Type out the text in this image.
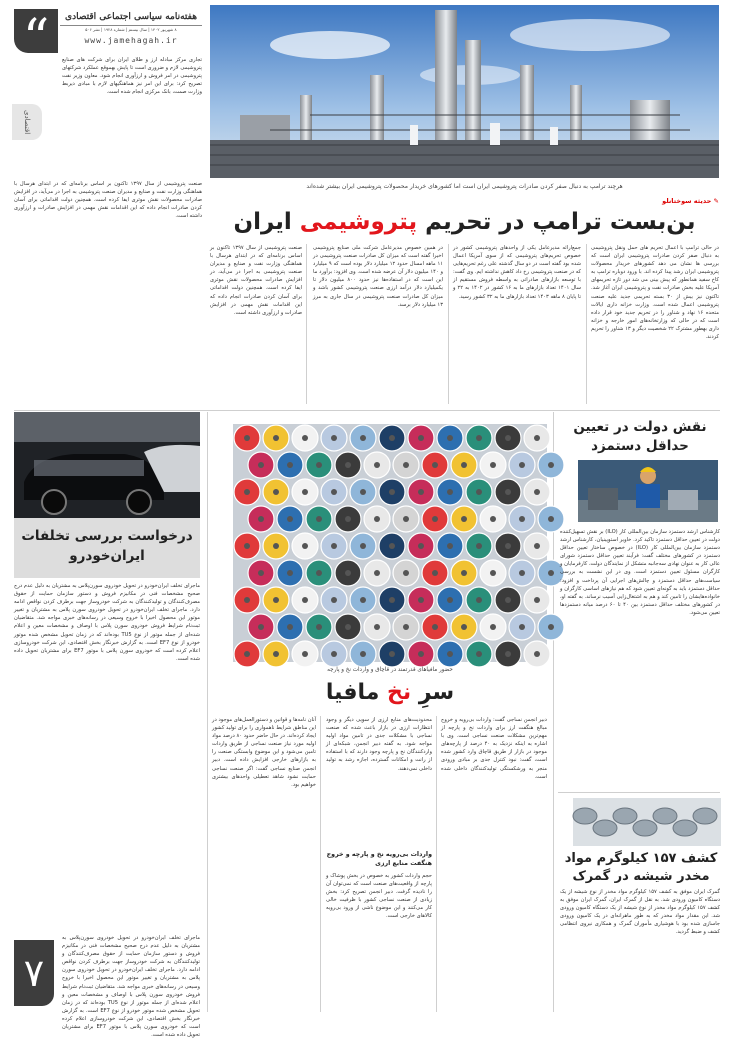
“	هفته‌نامه سیاسی اجتماعی اقتصادی
۸ شهریور ۱۴۰۲ | سال بیستم | شماره ۱۹۲۸ | نشر ۵۰۶
www.jamehagah.ir
اقتصادی
هرچند ترامپ به دنبال صفر کردن صادرات پتروشیمی ایران است اما کشورهای خریدار محصولات پتروشیمی ایران بیشتر شده‌اند
✎ حدیثه سوختانلو
بن‌بست ترامپ در تحریم پتروشیمی ایران
در حالی ترامپ با اعمال تحریم های حمل ونقل پتروشیمی به دنبال صفر کردن صادرات پتروشیمی ایران است که بررسی ها نشان می دهد کشورهای خریدار محصولات پتروشیمی ایران رشد پیدا کرده اند. با ورود دوباره ترامپ به کاخ سفید همانطور که پیش بینی می شد دور تازه تحریمهای آمریکا علیه بخش صادرات نفت و پتروشیمی ایران آغاز شد. تاکنون نیز بیش از ۳۰ بسته تحریمی جدید علیه صنعت پتروشیمی اعمال شده است. وزارت خزانه داری ایالات متحده ۱۶ نهاد و شناور را در تحریم جدید خود قرار داده است که در حالی که وزارتخانه‌های امور خارجه و خزانه داری بهطور مشترک ۲۲ شخصیت دیگر و ۱۳ شناور را تحریم کردند.
جمع‌ارائه مدیرعامل یکی از واحدهای پتروشیمی کشور در خصوص تحریم‌های پتروشیمی که از سوی آمریکا اعمال شده بود گفته است در دو سال گذشته علی رغم تحریم‌هایی که در صنعت پتروشیمی رخ داد کاهش نداشته ایم. وی گفت: با توسعه بازارهای صادراتی به واسطه فروش مستقیم از سال ۱۴۰۱ تعداد بازارهای ما به ۱۶ کشور در ۱۴۰۲ به ۲۲ و تا پایان ۸ ماهه ۱۴۰۳ تعداد بازارهای ما به ۳۲ کشور رسید.
در همین خصوص مدیرعامل شرکت ملی صنایع پتروشیمی اخیرا گفته است که میزان کل صادرات صنعت پتروشیمی در ۱۱ ماهه امسال حدود ۱۲ میلیارد دلار بوده است که ۹ میلیارد و ۱۴۰ میلیون دلار آن عرضه شده است. وی افزود: برآورد ما این است که در استفاده‌ها نیز حدود ۸۰۰ میلیون دلار تا یکمیلیارد دلار درآمد ارزی صنعت پتروشیمی کشور باشد و میزان کل صادرات صنعت پتروشیمی در سال جاری به مرز ۱۳ میلیارد دلار برسد.
صنعت پتروشیمی از سال ۱۳۹۷ تاکنون بر اساس برنامه‌ای که در ابتدای هرسال با هماهنگی وزارت نفت و صنایع و مدیران صنعت پتروشیمی به اجرا در می‌آید، در افزایش صادرات محصولات نقش موثری ایفا کرده است. همچنین دولت اقداماتی برای آسان کردن صادرات انجام داده که این اقدامات نقش مهمی در افزایش صادرات و ارزآوری داشته است.
تجاری مرکز مبادله ارز و طلای ایران برای شرکت های صنایع پتروشیمی لازم و ضروری است تا پایش بهموقع عملکرد شرکتهای پتروشیمی در امر فروش و ارزآوری انجام شود. معاون وزیر نفت تصریح کرد: برای این امر نیز هماهنگیهای لازم با مبادی ذیربط وزارت صمت، بانک مرکزی انجام شده است.
صنعت پتروشیمی از سال ۱۳۹۷ تاکنون بر اساس برنامه‌ای که در ابتدای هرسال با هماهنگی وزارت نفت و صنایع و مدیران صنعت پتروشیمی به اجرا در می‌آید، در افزایش صادرات محصولات نقش موثری ایفا کرده است. همچنین دولت اقداماتی برای آسان کردن صادرات انجام داده که این اقدامات نقش مهمی در افزایش صادرات و ارزآوری داشته است.
درخواست بررسی تخلفات ایران‌خودرو
ماجرای تخلف ایران‌خودرو در تحویل خودروی سورن‌پلاس به مشتریان به دلیل عدم درج صحیح مشخصات فنی در مکانیزم فروش و دستور سازمان حمایت از حقوق مصرف‌کنندگان و تولیدکنندگان به شرکت خودروساز جهت برطرف کردن نواقص ادامه دارد. ماجرای تخلف ایران‌خودرو در تحویل خودروی سورن پلاس به مشتریان و تغییر موتور این محصول اخیرا با خروج وسیعی در رسانه‌های خبری مواجه شد. متقاضیان ثبت‌نام شرایط فروش خودروی سورن پلاس با اوصاف و مشخصات معین و اعلام شده‌ای از جمله موتور از نوع TU5 بوده‌اند که در زمان تحویل مشخص شده موتور خودرو از نوع EF7 است. به گزارش خبرنگار بخش اقتصادی، این شرکت خودروسازی اعلام کرده است که خودروی سورن پلاس با موتور EF7 برای مشتریان تحویل داده شده است.
ماجرای تخلف ایران‌خودرو در تحویل خودروی سورن‌پلاس به مشتریان به دلیل عدم درج صحیح مشخصات فنی در مکانیزم فروش و دستور سازمان حمایت از حقوق مصرف‌کنندگان و تولیدکنندگان به شرکت خودروساز جهت برطرف کردن نواقص ادامه دارد. ماجرای تخلف ایران‌خودرو در تحویل خودروی سورن پلاس به مشتریان و تغییر موتور این محصول اخیرا با خروج وسیعی در رسانه‌های خبری مواجه شد. متقاضیان ثبت‌نام شرایط فروش خودروی سورن پلاس با اوصاف و مشخصات معین و اعلام شده‌ای از جمله موتور از نوع TU5 بوده‌اند که در زمان تحویل مشخص شده موتور خودرو از نوع EF7 است. به گزارش خبرنگار بخش اقتصادی، این شرکت خودروسازی اعلام کرده است که خودروی سورن پلاس با موتور EF7 برای مشتریان تحویل داده شده است.
۷
حضور مافیاهای قدرتمند در قاچاق و واردات نخ و پارچه
سرِ نخ مافیا
دبیر انجمن نساجی گفت: واردات بی‌رویه و خروج مبالغ هنگفت ارز برای واردات نخ و پارچه از مهم‌ترین مشکلات صنعت نساجی است. وی با اشاره به اینکه نزدیک به ۴۰ درصد از پارچه‌های موجود در بازار از طریق قاچاق وارد کشور شده است، گفت: نبود کنترل جدی بر مبادی ورودی منجر به ورشکستگی تولیدکنندگان داخلی شده است.
محدودیت‌های منابع ارزی از سویی دیگر و وجود انتظارات ارزی در بازار باعث شده که صنعت نساجی با مشکلات جدی در تامین مواد اولیه مواجه شود. به گفته دبیر انجمن، شبکه‌ای از واردکنندگان نخ و پارچه وجود دارند که با استفاده از رانت و امکانات گسترده، اجازه رشد به تولید داخلی نمی‌دهند.
واردات بی‌رویه نخ و پارچه و خروج هنگفت منابع ارزی
حجم واردات کشور به خصوص در بخش پوشاک و پارچه از واقعیت‌های صنعت است که نمی‌توان آن را نادیده گرفت. دبیر انجمن تصریح کرد: بخش زیادی از صنعت نساجی کشور با ظرفیت خالی کار می‌کنند و این موضوع ناشی از ورود بی‌رویه کالاهای خارجی است.
آنان نامه‌ها و قوانین و دستورالعمل‌های موجود در این مناطق شرایط ناهمواری را برای تولید کشور ایجاد کرده‌اند. در حال حاضر حدود ۸۰ درصد مواد اولیه مورد نیاز صنعت نساجی از طریق واردات تامین می‌شود و این موضوع وابستگی صنعت را به بازارهای خارجی افزایش داده است. دبیر انجمن صنایع نساجی گفت: اگر صنعت نساجی حمایت نشود شاهد تعطیلی واحدهای بیشتری خواهیم بود.
نقش دولت در تعیین حداقل دستمزد
کارشناس ارشد دستمزد سازمان بین‌المللی کار (ILO) بر نقش تسهیل‌کننده دولت در تعیین حداقل دستمزد تاکید کرد. خاویر استوپینیان، کارشناس ارشد دستمزد سازمان بین‌المللی کار (ILO) در خصوص ساختار تعیین حداقل دستمزد در کشورهای مختلف گفت: فرآیند تعیین حداقل دستمزد شورای عالی کار به عنوان نهادی سه‌جانبه متشکل از نمایندگان دولت، کارفرمایان و کارگران مسئول تعیین دستمزد است. وی در این نشست به بررسی سیاست‌های حداقل دستمزد و چالش‌های اجرایی آن پرداخت و افزود: حداقل دستمزد باید به گونه‌ای تعیین شود که هم نیازهای اساسی کارگران و خانواده‌هایشان را تامین کند و هم به اشتغال‌زایی آسیب نرساند. به گفته او، در کشورهای مختلف حداقل دستمزد بین ۴۰ تا ۶۰ درصد میانه دستمزدها تعیین می‌شود.
کشف ۱۵۷ کیلوگرم مواد مخدر شیشه در گمرک
گمرک ایران موفق به کشف ۱۵۷ کیلوگرم مواد مخدر از نوع شیشه از یک دستگاه کامیون ورودی شد. به نقل از گمرک ایران، گمرک ایران موفق به کشف ۱۵۷ کیلوگرم مواد مخدر از نوع شیشه از یک دستگاه کامیون ورودی شد. این مقدار مواد مخدر که به طور ماهرانه‌ای در یک کامیون ورودی جاسازی شده بود با هوشیاری مأموران گمرک و همکاری نیروی انتظامی کشف و ضبط گردید.
